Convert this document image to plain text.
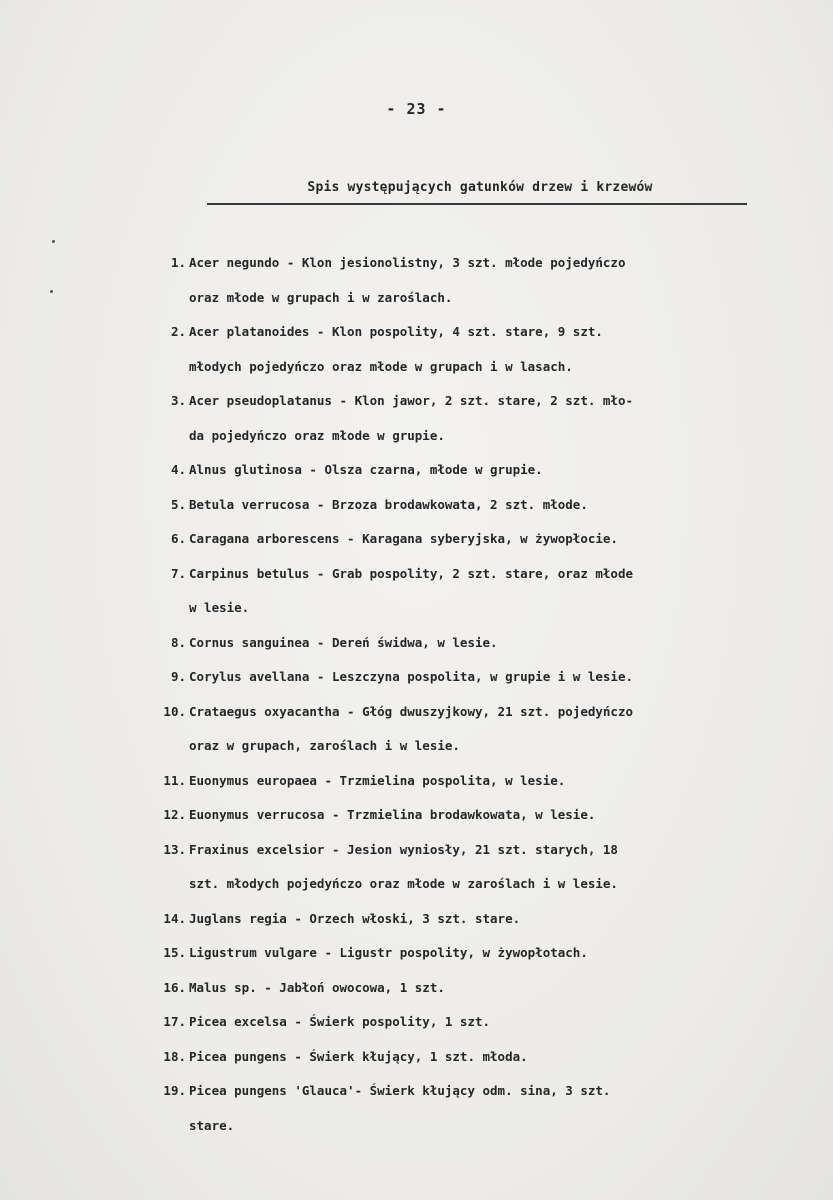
- 23 -
Spis występujących gatunków drzew i krzewów
1. Acer negundo - Klon jesionolistny, 3 szt. młode pojedyńczo
oraz młode w grupach i w zaroślach.
2. Acer platanoides - Klon pospolity, 4 szt. stare, 9 szt.
młodych pojedyńczo oraz młode w grupach i w lasach.
3. Acer pseudoplatanus - Klon jawor, 2 szt. stare, 2 szt. mło-
da pojedyńczo oraz młode w grupie.
4. Alnus glutinosa - Olsza czarna, młode w grupie.
5. Betula verrucosa - Brzoza brodawkowata, 2 szt. młode.
6. Caragana arborescens - Karagana syberyjska, w żywopłocie.
7. Carpinus betulus - Grab pospolity, 2 szt. stare, oraz młode
w lesie.
8. Cornus sanguinea - Dereń świdwa, w lesie.
9. Corylus avellana - Leszczyna pospolita, w grupie i w lesie.
10. Crataegus oxyacantha - Głóg dwuszyjkowy, 21 szt. pojedyńczo
oraz w grupach, zaroślach i w lesie.
11. Euonymus europaea - Trzmielina pospolita, w lesie.
12. Euonymus verrucosa - Trzmielina brodawkowata, w lesie.
13. Fraxinus excelsior - Jesion wyniosły, 21 szt. starych, 18
szt. młodych pojedyńczo oraz młode w zaroślach i w lesie.
14. Juglans regia - Orzech włoski, 3 szt. stare.
15. Ligustrum vulgare - Ligustr pospolity, w żywopłotach.
16. Malus sp. - Jabłoń owocowa, 1 szt.
17. Picea excelsa - Świerk pospolity, 1 szt.
18. Picea pungens - Świerk kłujący, 1 szt. młoda.
19. Picea pungens 'Glauca'- Świerk kłujący odm. sina, 3 szt.
stare.
